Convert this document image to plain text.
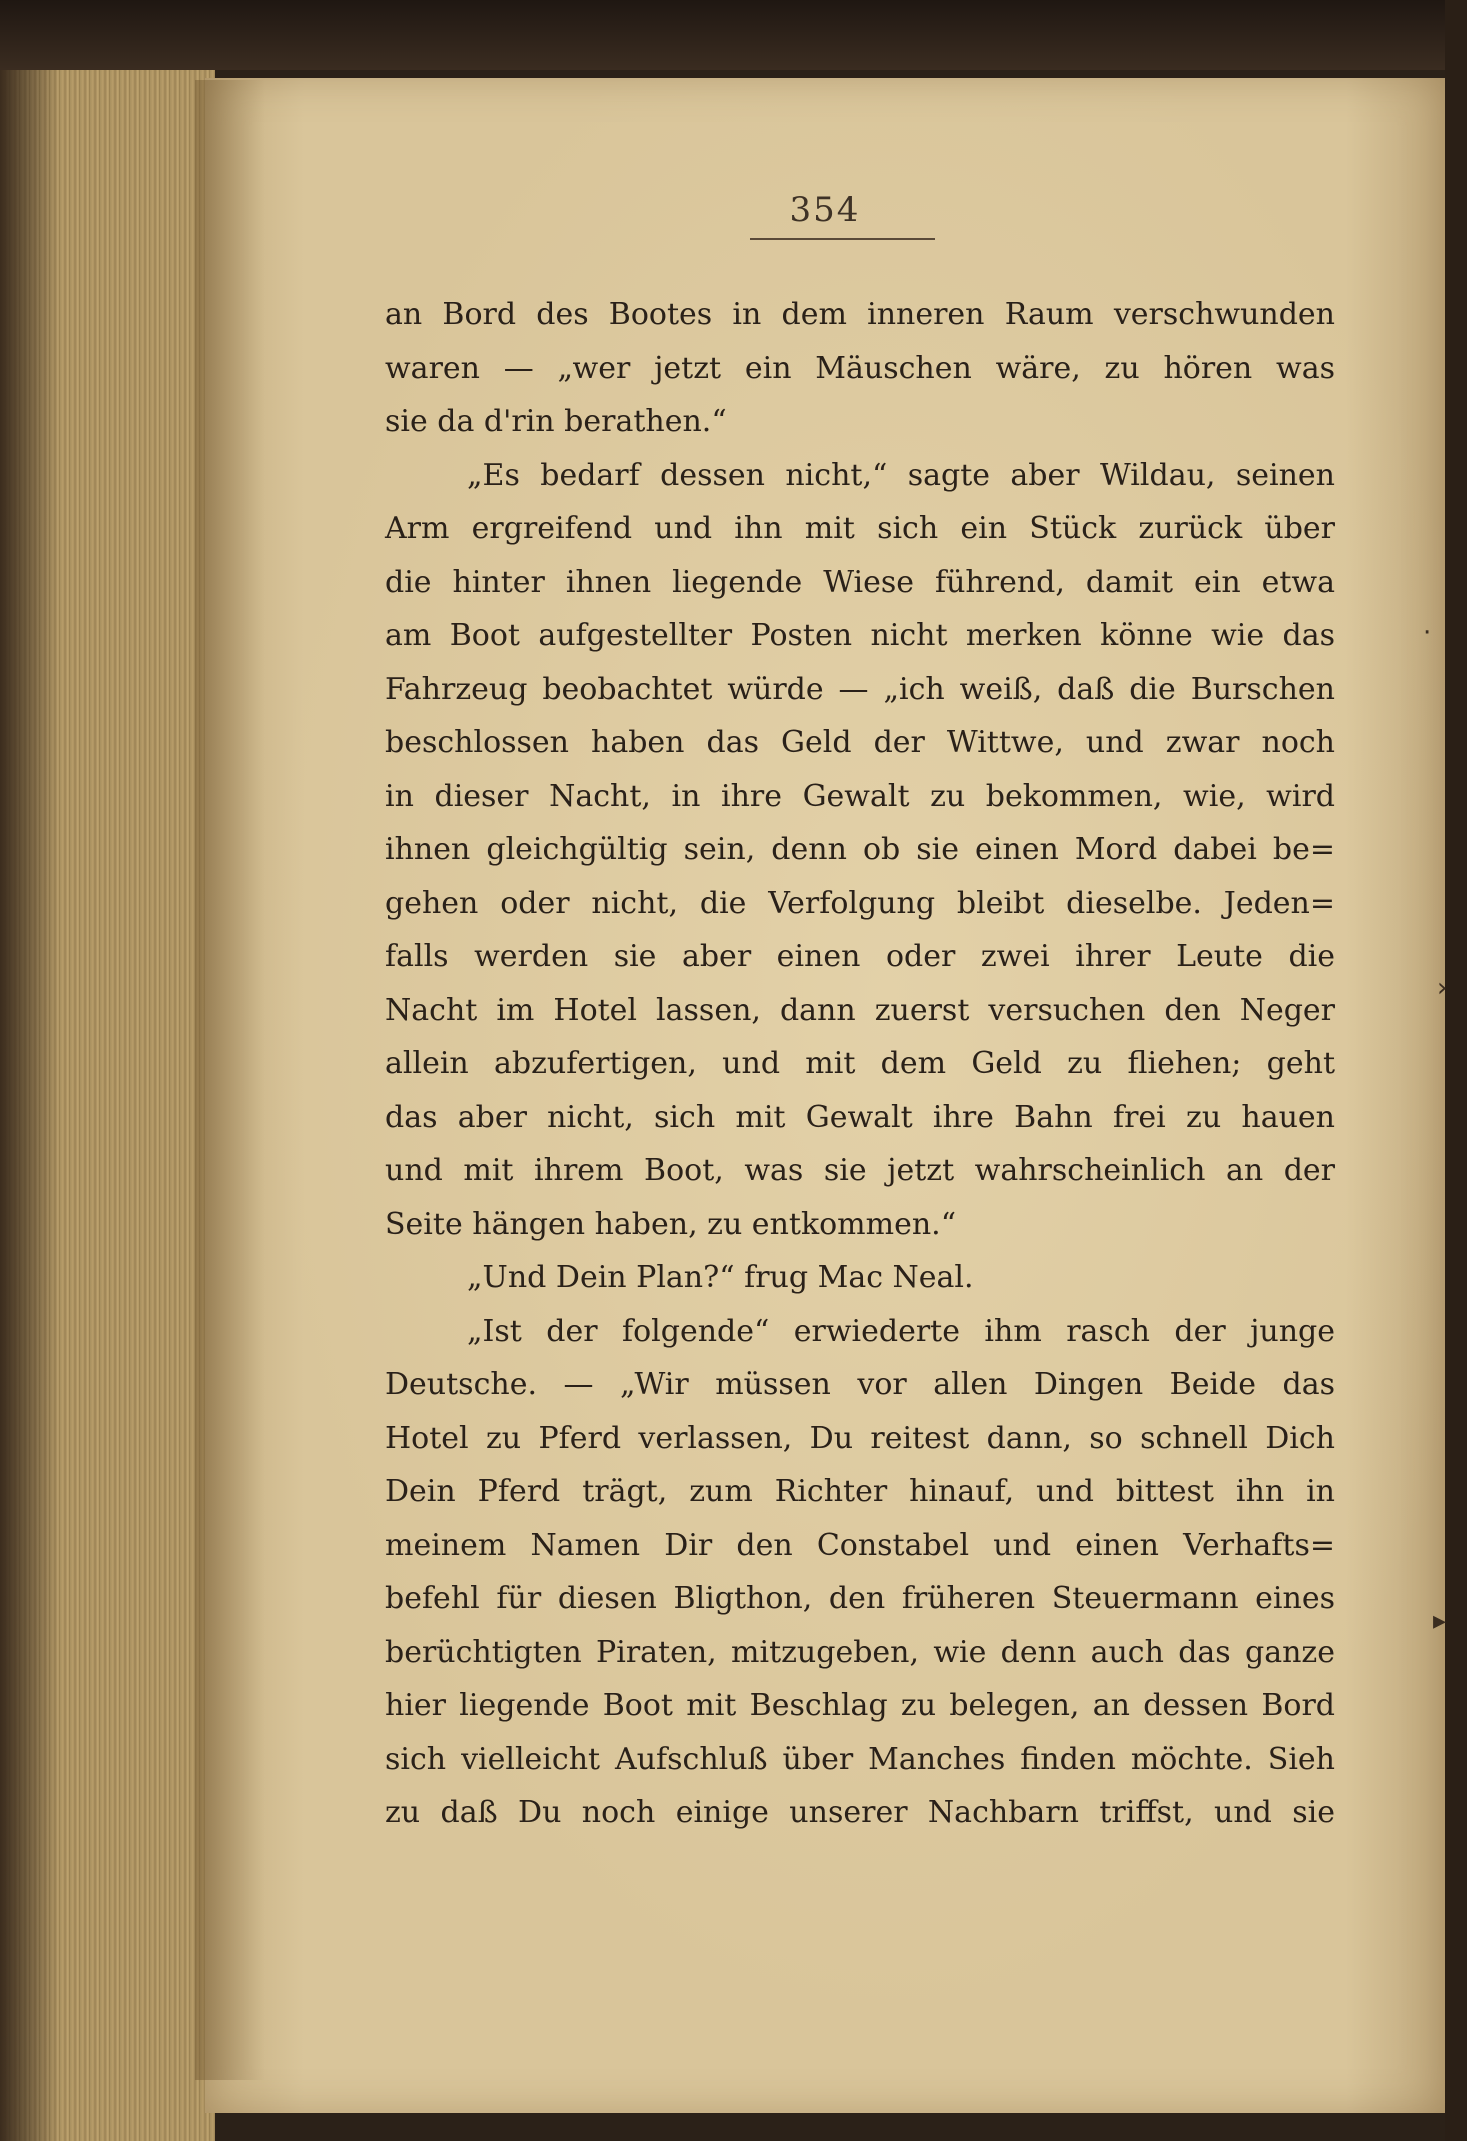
354
an Bord des Bootes in dem inneren Raum verschwunden
waren — „wer jetzt ein Mäuschen wäre, zu hören was
sie da d'rin berathen.“
„Es bedarf dessen nicht,“ sagte aber Wildau, seinen
Arm ergreifend und ihn mit sich ein Stück zurück über
die hinter ihnen liegende Wiese führend, damit ein etwa
am Boot aufgestellter Posten nicht merken könne wie das
Fahrzeug beobachtet würde — „ich weiß, daß die Burschen
beschlossen haben das Geld der Wittwe, und zwar noch
in dieser Nacht, in ihre Gewalt zu bekommen, wie, wird
ihnen gleichgültig sein, denn ob sie einen Mord dabei be=
gehen oder nicht, die Verfolgung bleibt dieselbe. Jeden=
falls werden sie aber einen oder zwei ihrer Leute die
Nacht im Hotel lassen, dann zuerst versuchen den Neger
allein abzufertigen, und mit dem Geld zu fliehen; geht
das aber nicht, sich mit Gewalt ihre Bahn frei zu hauen
und mit ihrem Boot, was sie jetzt wahrscheinlich an der
Seite hängen haben, zu entkommen.“
„Und Dein Plan?“ frug Mac Neal.
„Ist der folgende“ erwiederte ihm rasch der junge
Deutsche. — „Wir müssen vor allen Dingen Beide das
Hotel zu Pferd verlassen, Du reitest dann, so schnell Dich
Dein Pferd trägt, zum Richter hinauf, und bittest ihn in
meinem Namen Dir den Constabel und einen Verhafts=
befehl für diesen Bligthon, den früheren Steuermann eines
berüchtigten Piraten, mitzugeben, wie denn auch das ganze
hier liegende Boot mit Beschlag zu belegen, an dessen Bord
sich vielleicht Aufschluß über Manches finden möchte. Sieh
zu daß Du noch einige unserer Nachbarn triffst, und sie
·
›
▸
